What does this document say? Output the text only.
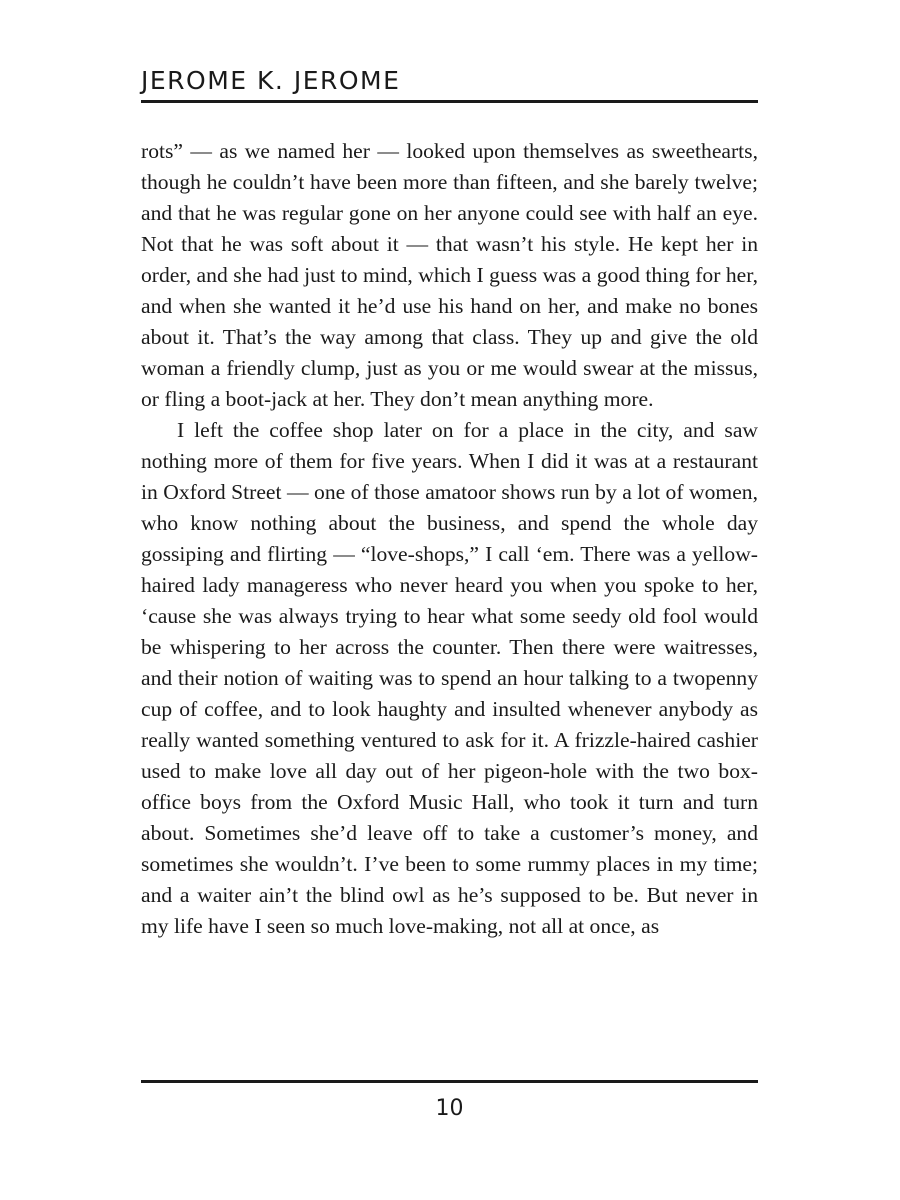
JEROME K. JEROME

rots” — as we named her — looked upon themselves as sweethearts, though he couldn’t have been more than fifteen, and she barely twelve; and that he was regular gone on her anyone could see with half an eye. Not that he was soft about it — that wasn’t his style. He kept her in order, and she had just to mind, which I guess was a good thing for her, and when she wanted it he’d use his hand on her, and make no bones about it. That’s the way among that class. They up and give the old woman a friendly clump, just as you or me would swear at the missus, or fling a boot-jack at her. They don’t mean anything more.

I left the coffee shop later on for a place in the city, and saw nothing more of them for five years. When I did it was at a restaurant in Oxford Street — one of those amatoor shows run by a lot of women, who know nothing about the business, and spend the whole day gossiping and flirting — “love-shops,” I call ‘em. There was a yellow-haired lady manageress who never heard you when you spoke to her, ‘cause she was always trying to hear what some seedy old fool would be whispering to her across the counter. Then there were waitresses, and their notion of waiting was to spend an hour talking to a twopenny cup of coffee, and to look haughty and insulted whenever anybody as really wanted something ventured to ask for it. A frizzle-haired cashier used to make love all day out of her pigeon-hole with the two box-office boys from the Oxford Music Hall, who took it turn and turn about. Sometimes she’d leave off to take a customer’s money, and sometimes she wouldn’t. I’ve been to some rummy places in my time; and a waiter ain’t the blind owl as he’s supposed to be. But never in my life have I seen so much love-making, not all at once, as

10
